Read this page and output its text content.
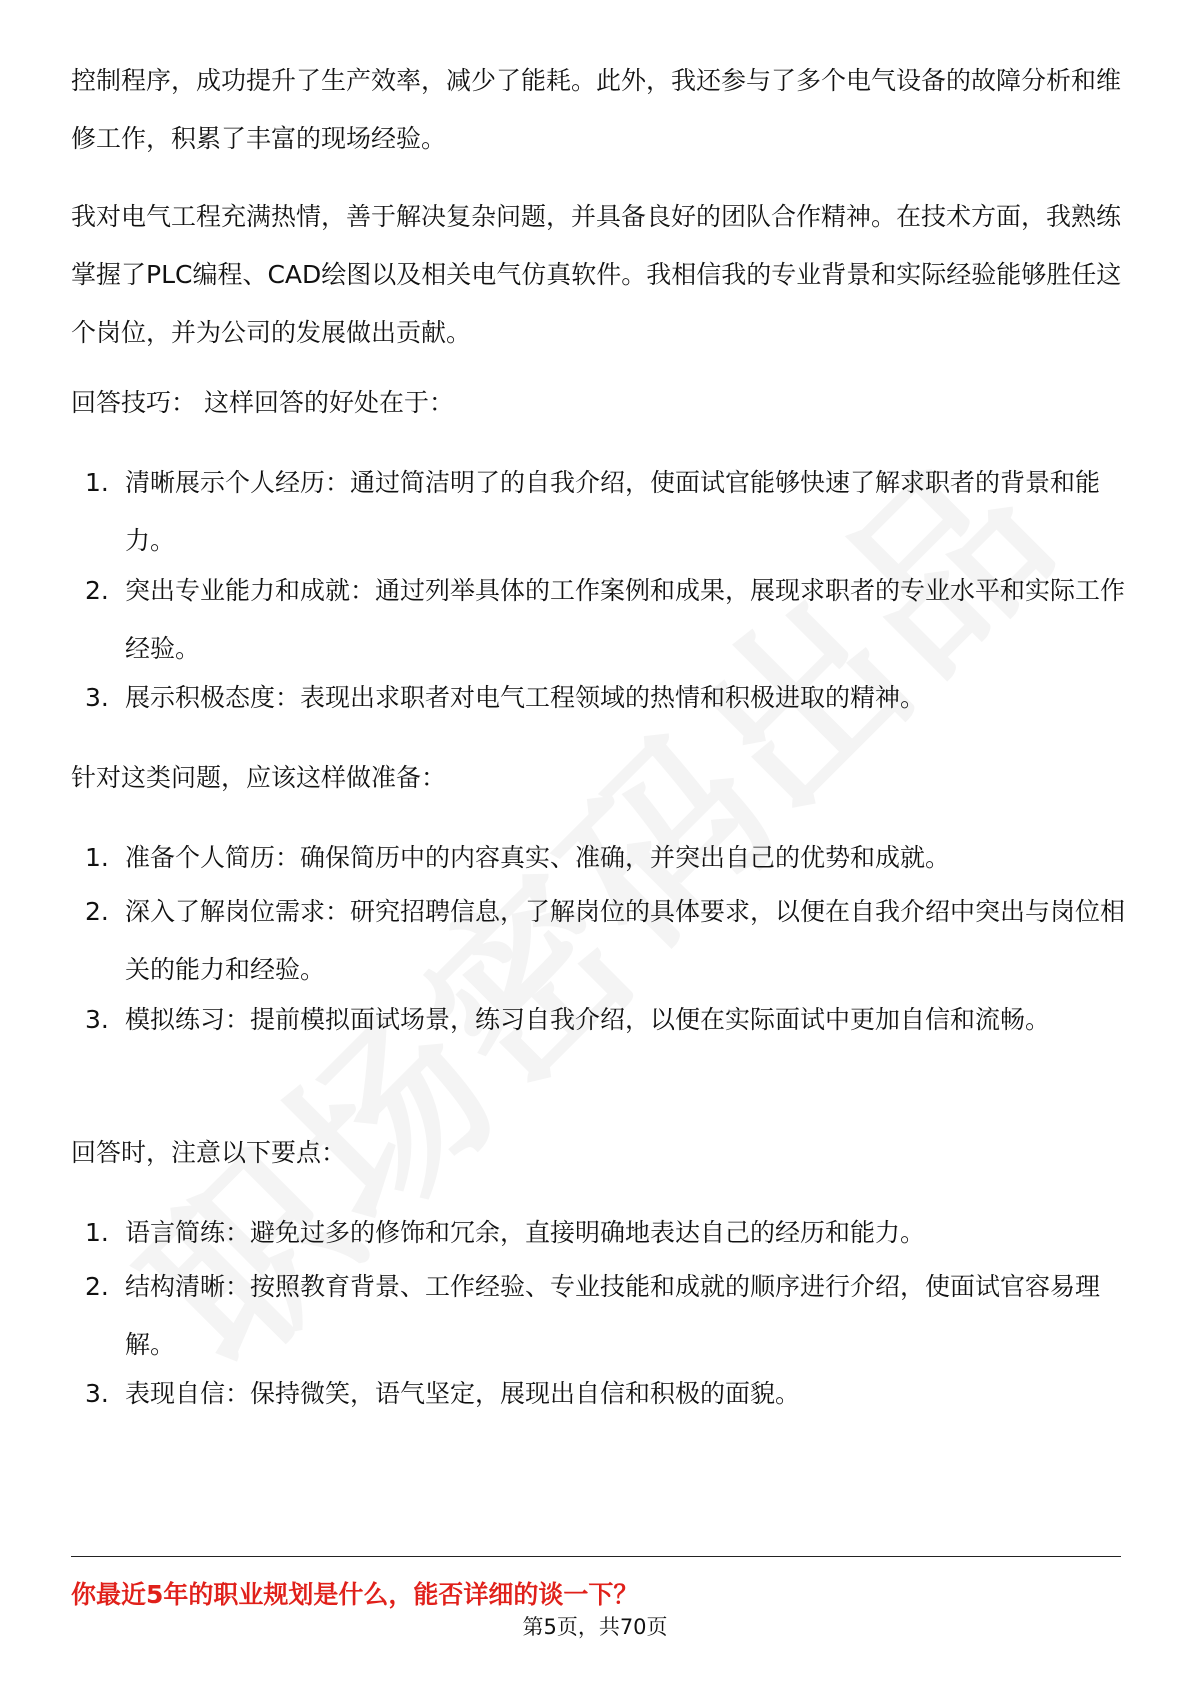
控制程序，成功提升了生产效率，减少了能耗。此外，我还参与了多个电气设备的故障分析和维修工作，积累了丰富的现场经验。

我对电气工程充满热情，善于解决复杂问题，并具备良好的团队合作精神。在技术方面，我熟练掌握了PLC编程、CAD绘图以及相关电气仿真软件。我相信我的专业背景和实际经验能够胜任这个岗位，并为公司的发展做出贡献。

回答技巧： 这样回答的好处在于：

1. 清晰展示个人经历：通过简洁明了的自我介绍，使面试官能够快速了解求职者的背景和能力。
2. 突出专业能力和成就：通过列举具体的工作案例和成果，展现求职者的专业水平和实际工作经验。
3. 展示积极态度：表现出求职者对电气工程领域的热情和积极进取的精神。

针对这类问题，应该这样做准备：

1. 准备个人简历：确保简历中的内容真实、准确，并突出自己的优势和成就。
2. 深入了解岗位需求：研究招聘信息，了解岗位的具体要求，以便在自我介绍中突出与岗位相关的能力和经验。
3. 模拟练习：提前模拟面试场景，练习自我介绍，以便在实际面试中更加自信和流畅。

回答时，注意以下要点：

1. 语言简练：避免过多的修饰和冗余，直接明确地表达自己的经历和能力。
2. 结构清晰：按照教育背景、工作经验、专业技能和成就的顺序进行介绍，使面试官容易理解。
3. 表现自信：保持微笑，语气坚定，展现出自信和积极的面貌。
你最近5年的职业规划是什么，能否详细的谈一下？
第5页，共70页
